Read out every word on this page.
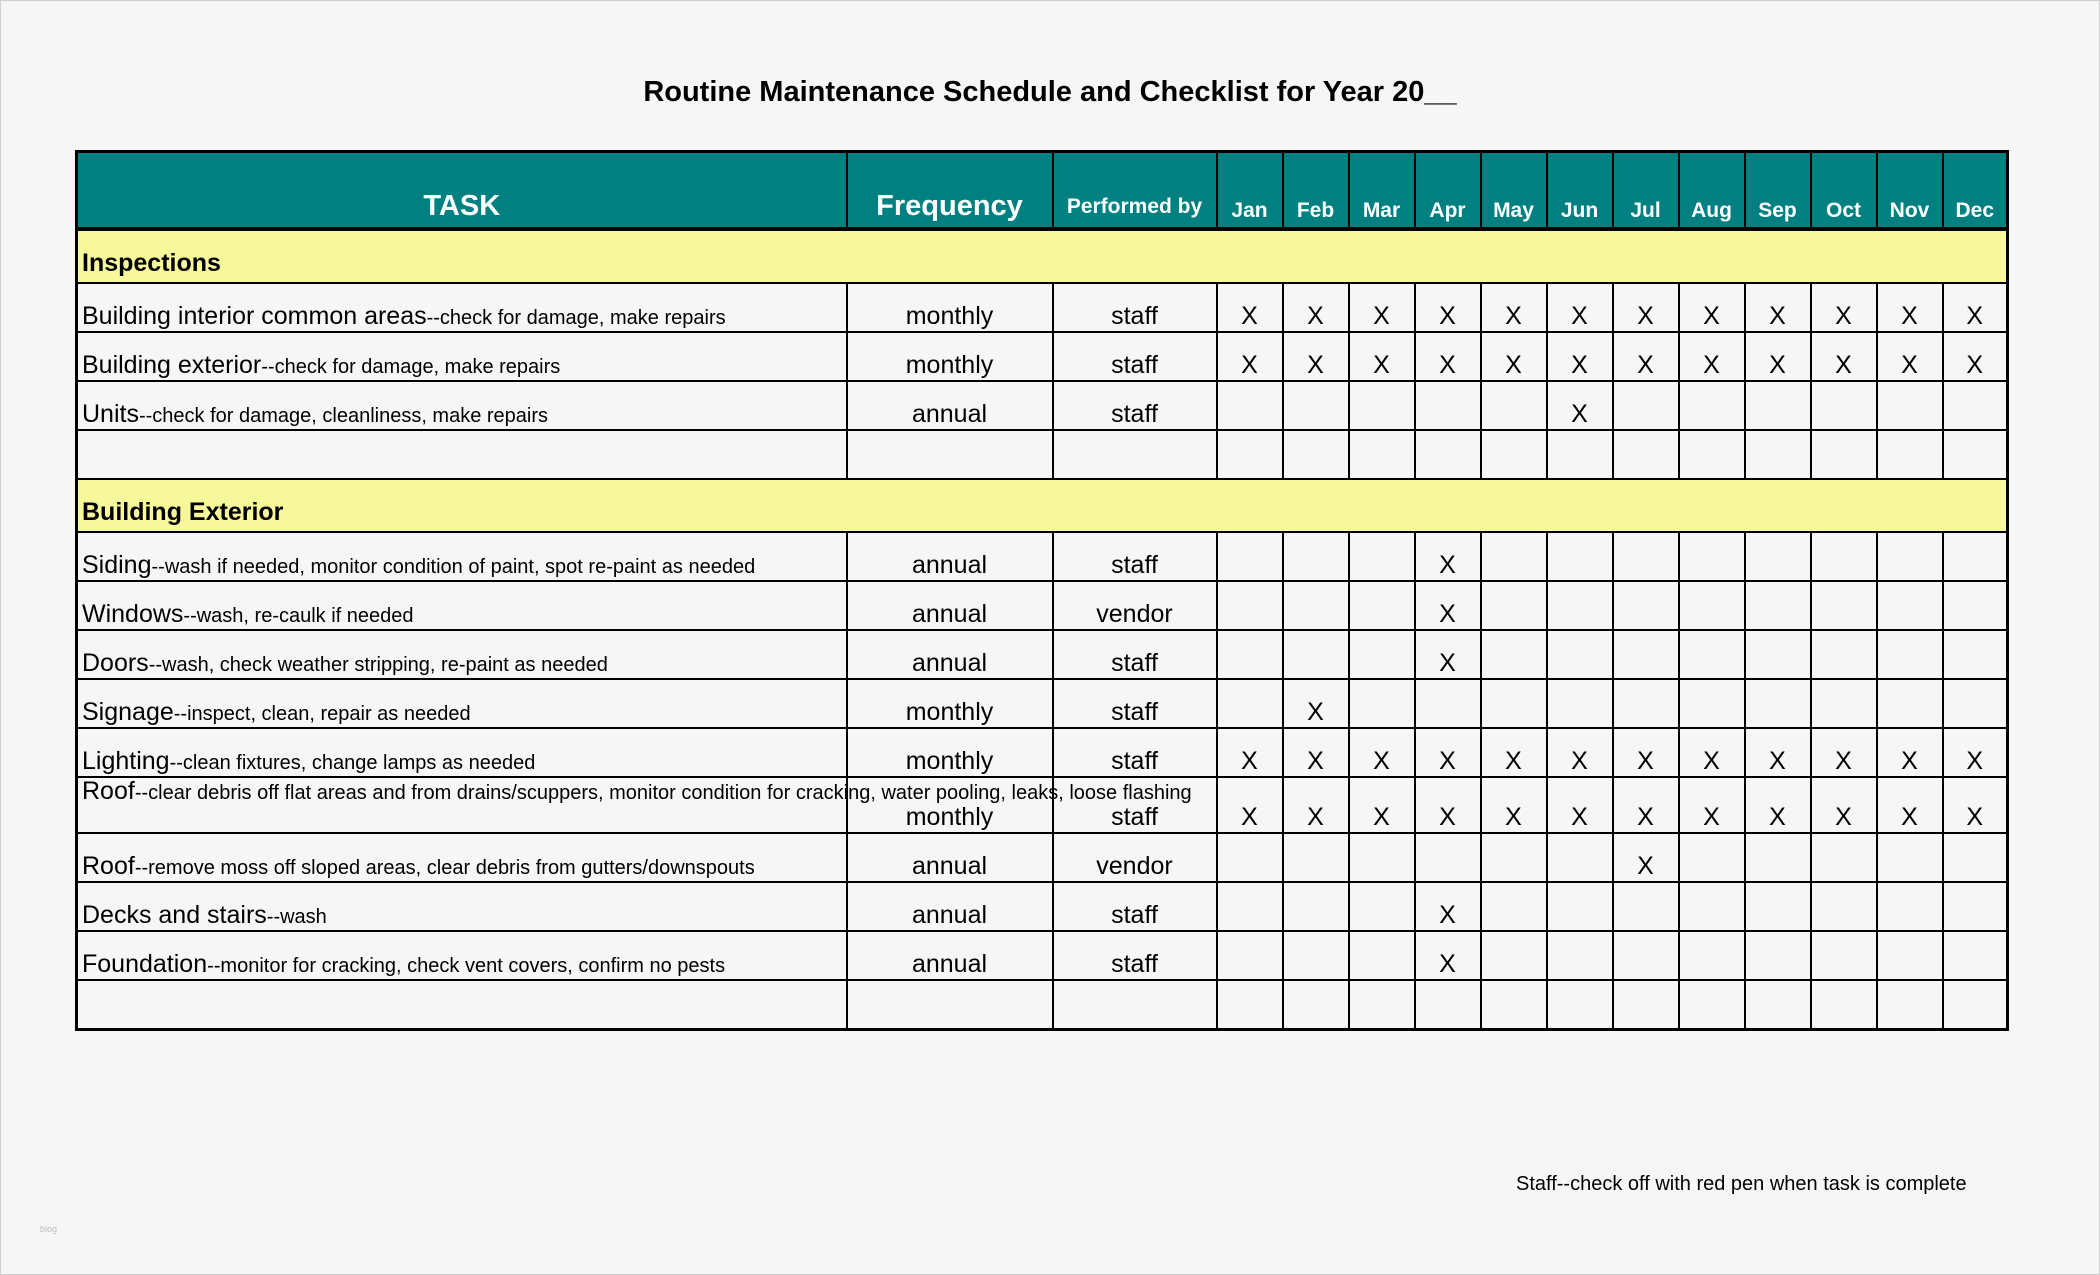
Routine Maintenance Schedule and Checklist for Year 20__
TASK	Frequency	Performed by	Jan	Feb	Mar	Apr	May	Jun	Jul	Aug	Sep	Oct	Nov	Dec
Inspections														
Building interior common areas--check for damage, make repairs	monthly	staff	X	X	X	X	X	X	X	X	X	X	X	X
Building exterior--check for damage, make repairs	monthly	staff	X	X	X	X	X	X	X	X	X	X	X	X
Units--check for damage, cleanliness, make repairs	annual	staff						X						

Building Exterior														
Siding--wash if needed, monitor condition of paint, spot re-paint as needed	annual	staff				X								
Windows--wash, re-caulk if needed	annual	vendor				X								
Doors--wash, check weather stripping, re-paint as needed	annual	staff				X								
Signage--inspect, clean, repair as needed	monthly	staff		X										
Lighting--clean fixtures, change lamps as needed	monthly	staff	X	X	X	X	X	X	X	X	X	X	X	X
Roof--clear debris off flat areas and from drains/scuppers, monitor condition for cracking, water pooling, leaks, loose flashing	monthly	staff	X	X	X	X	X	X	X	X	X	X	X	X
Roof--remove moss off sloped areas, clear debris from gutters/downspouts	annual	vendor							X					
Decks and stairs--wash	annual	staff				X								
Foundation--monitor for cracking, check vent covers, confirm no pests	annual	staff				X								

Staff--check off with red pen when task is complete
blog
